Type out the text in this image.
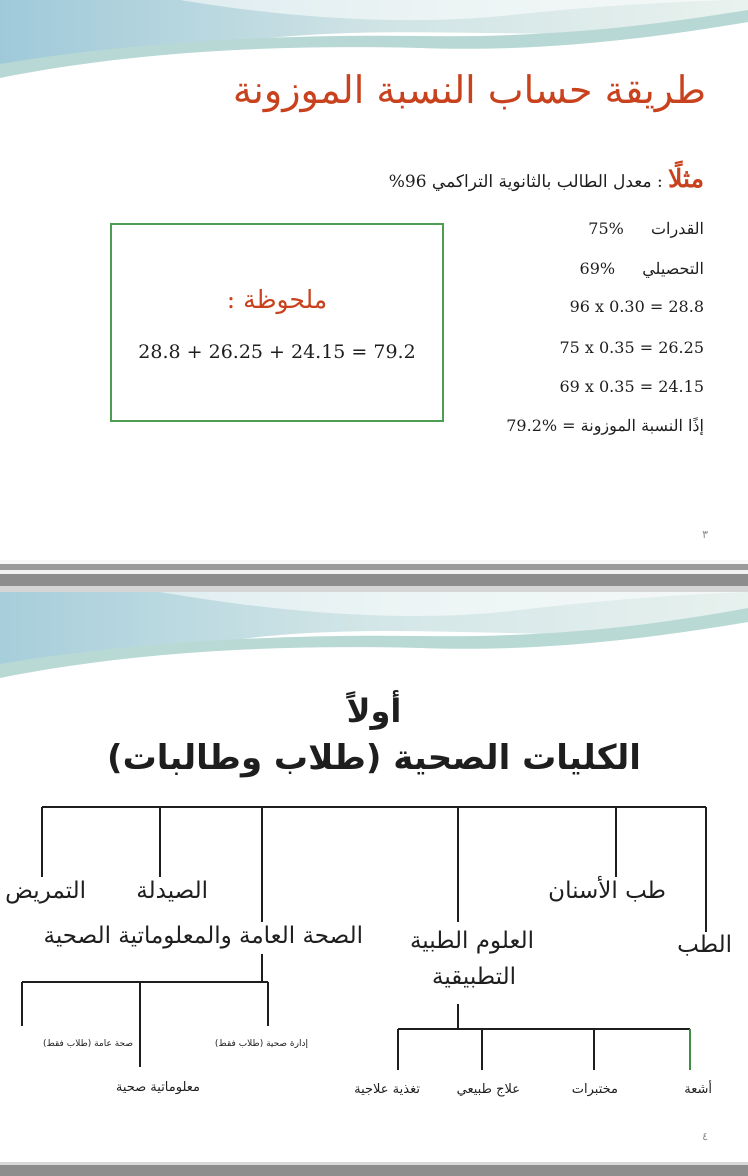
طريقة حساب النسبة الموزونة
مثلًا : معدل الطالب بالثانوية التراكمي 96%
القدرات 75%
التحصيلي 69%
96 x 0.30 = 28.8
75 x 0.35 = 26.25
69 x 0.35 = 24.15
إذًا النسبة الموزونة = 79.2%
ملحوظة :
28.8 + 26.25 + 24.15 = 79.2
٣
أولاً
الكليات الصحية (طلاب وطالبات)
التمريض الصيدلة
الصحة العامة والمعلوماتية الصحية العلوم الطبية
التطبيقية
طب الأسنان
الطب
صحة عامة (طلاب فقط)
معلوماتية صحية
إدارة صحية (طلاب فقط)
تغذية علاجية	علاج طبيعي	مختبرات	أشعة
٤
